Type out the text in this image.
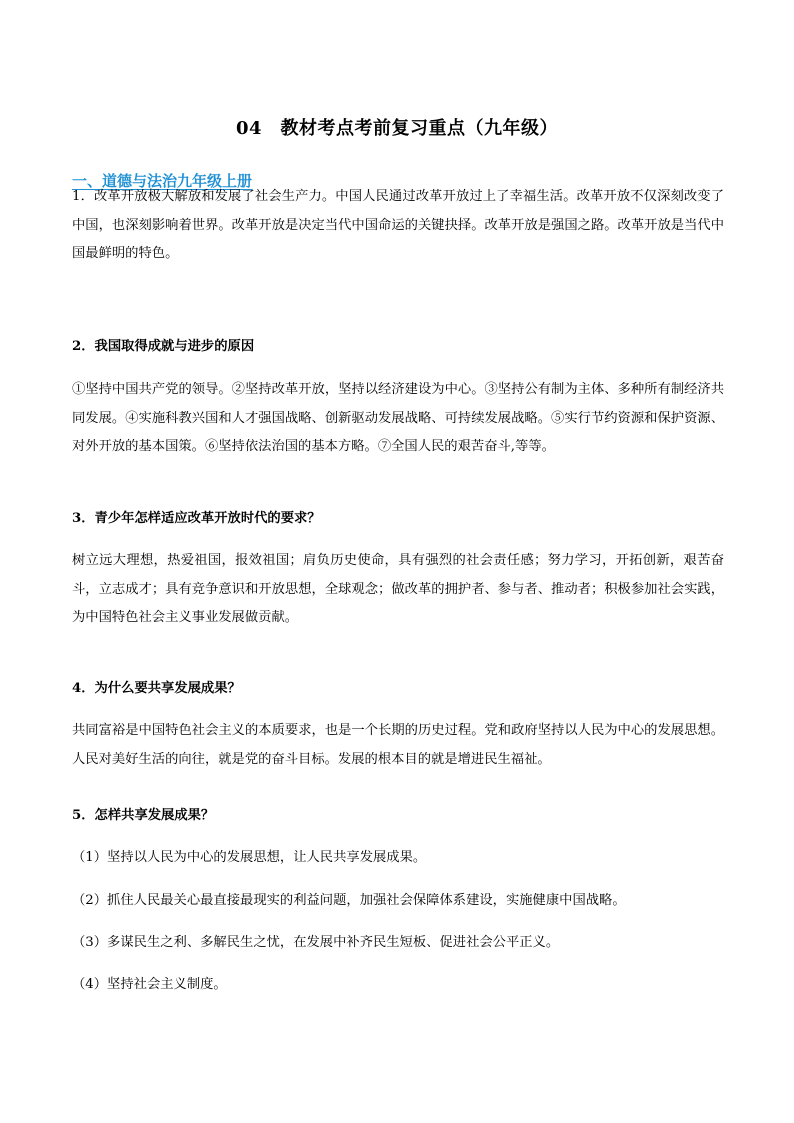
04　教材考点考前复习重点（九年级）
一、道德与法治九年级上册
1．改革开放极大解放和发展了社会生产力。中国人民通过改革开放过上了幸福生活。改革开放不仅深刻改变了中国，也深刻影响着世界。改革开放是决定当代中国命运的关键抉择。改革开放是强国之路。改革开放是当代中国最鲜明的特色。
2．我国取得成就与进步的原因
①坚持中国共产党的领导。②坚持改革开放，坚持以经济建设为中心。③坚持公有制为主体、多种所有制经济共同发展。④实施科教兴国和人才强国战略、创新驱动发展战略、可持续发展战略。⑤实行节约资源和保护资源、对外开放的基本国策。⑥坚持依法治国的基本方略。⑦全国人民的艰苦奋斗,等等。
3．青少年怎样适应改革开放时代的要求？
树立远大理想，热爱祖国，报效祖国；肩负历史使命，具有强烈的社会责任感；努力学习，开拓创新，艰苦奋斗，立志成才；具有竞争意识和开放思想，全球观念；做改革的拥护者、参与者、推动者；积极参加社会实践，为中国特色社会主义事业发展做贡献。
4．为什么要共享发展成果？
共同富裕是中国特色社会主义的本质要求，也是一个长期的历史过程。党和政府坚持以人民为中心的发展思想。人民对美好生活的向往，就是党的奋斗目标。发展的根本目的就是增进民生福祉。
5．怎样共享发展成果？
（1）坚持以人民为中心的发展思想，让人民共享发展成果。
（2）抓住人民最关心最直接最现实的利益问题，加强社会保障体系建设，实施健康中国战略。
（3）多谋民生之利、多解民生之忧，在发展中补齐民生短板、促进社会公平正义。
（4）坚持社会主义制度。
